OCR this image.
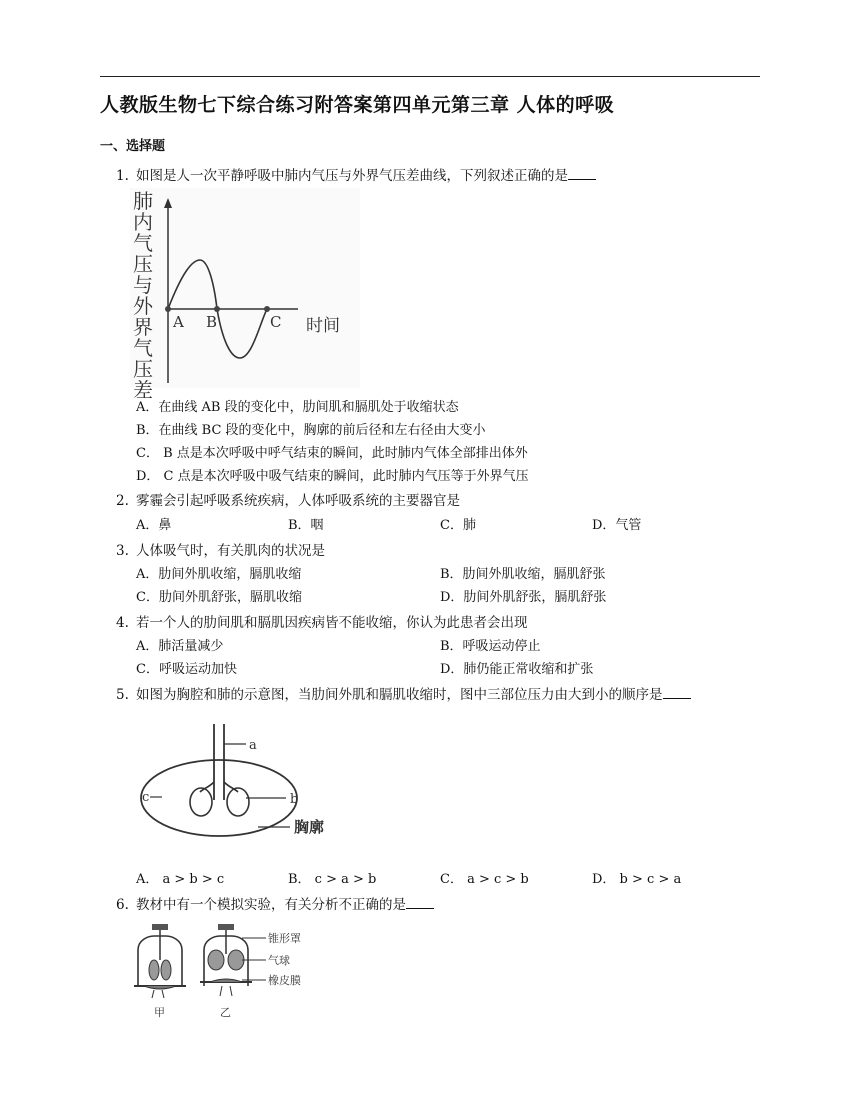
人教版生物七下综合练习附答案第四单元第三章 人体的呼吸
一、选择题
1. 如图是人一次平静呼吸中肺内气压与外界气压差曲线，下列叙述正确的是
肺
内
气
压
与
外
界
气
压
差
A B	C 时间
A．在曲线 AB 段的变化中，肋间肌和膈肌处于收缩状态
B．在曲线 BC 段的变化中，胸廓的前后径和左右径由大变小
C． B 点是本次呼吸中呼气结束的瞬间，此时肺内气体全部排出体外
D． C 点是本次呼吸中吸气结束的瞬间，此时肺内气压等于外界气压
2. 雾霾会引起呼吸系统疾病，人体呼吸系统的主要器官是
A．鼻	B．咽	C．肺	D．气管
3. 人体吸气时，有关肌肉的状况是
A．肋间外肌收缩，膈肌收缩	B．肋间外肌收缩，膈肌舒张
C．肋间外肌舒张，膈肌收缩	D．肋间外肌舒张，膈肌舒张
4. 若一个人的肋间肌和膈肌因疾病皆不能收缩，你认为此患者会出现
A．肺活量减少	B．呼吸运动停止
C．呼吸运动加快	D．肺仍能正常收缩和扩张
5. 如图为胸腔和肺的示意图，当肋间外肌和膈肌收缩时，图中三部位压力由大到小的顺序是
a
b
c
胸廓
A． a > b > c	B． c > a > b	C． a > c > b	D． b > c > a
6. 教材中有一个模拟实验，有关分析不正确的是
甲	乙
锥形罩
气球
橡皮膜
